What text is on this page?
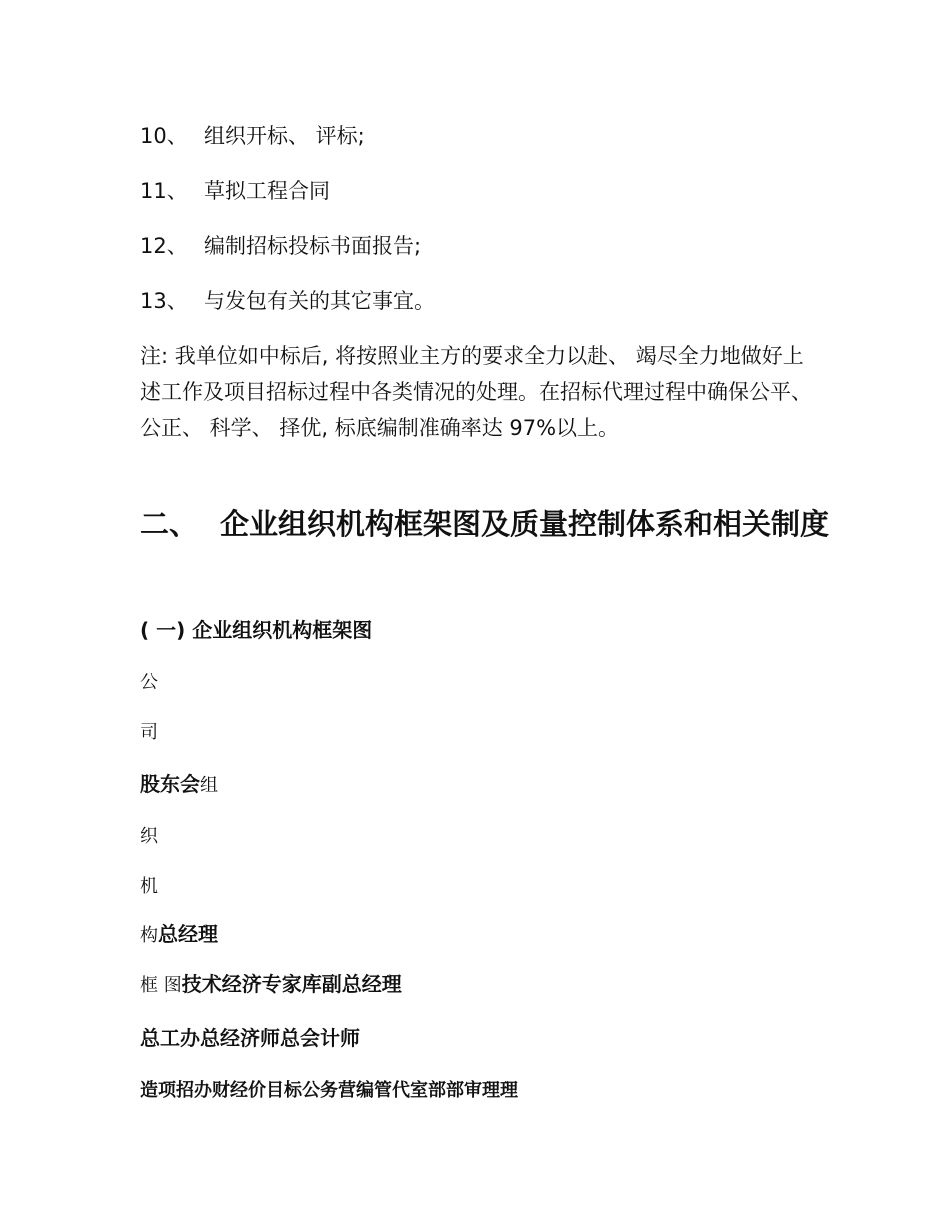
10、 组织开标、 评标;

11、 草拟工程合同

12、 编制招标投标书面报告;

13、 与发包有关的其它事宜。

注: 我单位如中标后, 将按照业主方的要求全力以赴、 竭尽全力地做好上述工作及项目招标过程中各类情况的处理。在招标代理过程中确保公平、 公正、 科学、 择优, 标底编制准确率达 97%以上。

二、 企业组织机构框架图及质量控制体系和相关制度

( 一) 企业组织机构框架图

公

司

股东会组

织

机

构总经理

框 图技术经济专家库副总经理

总工办总经济师总会计师

造项招办财经价目标公务营编管代室部部审理理
